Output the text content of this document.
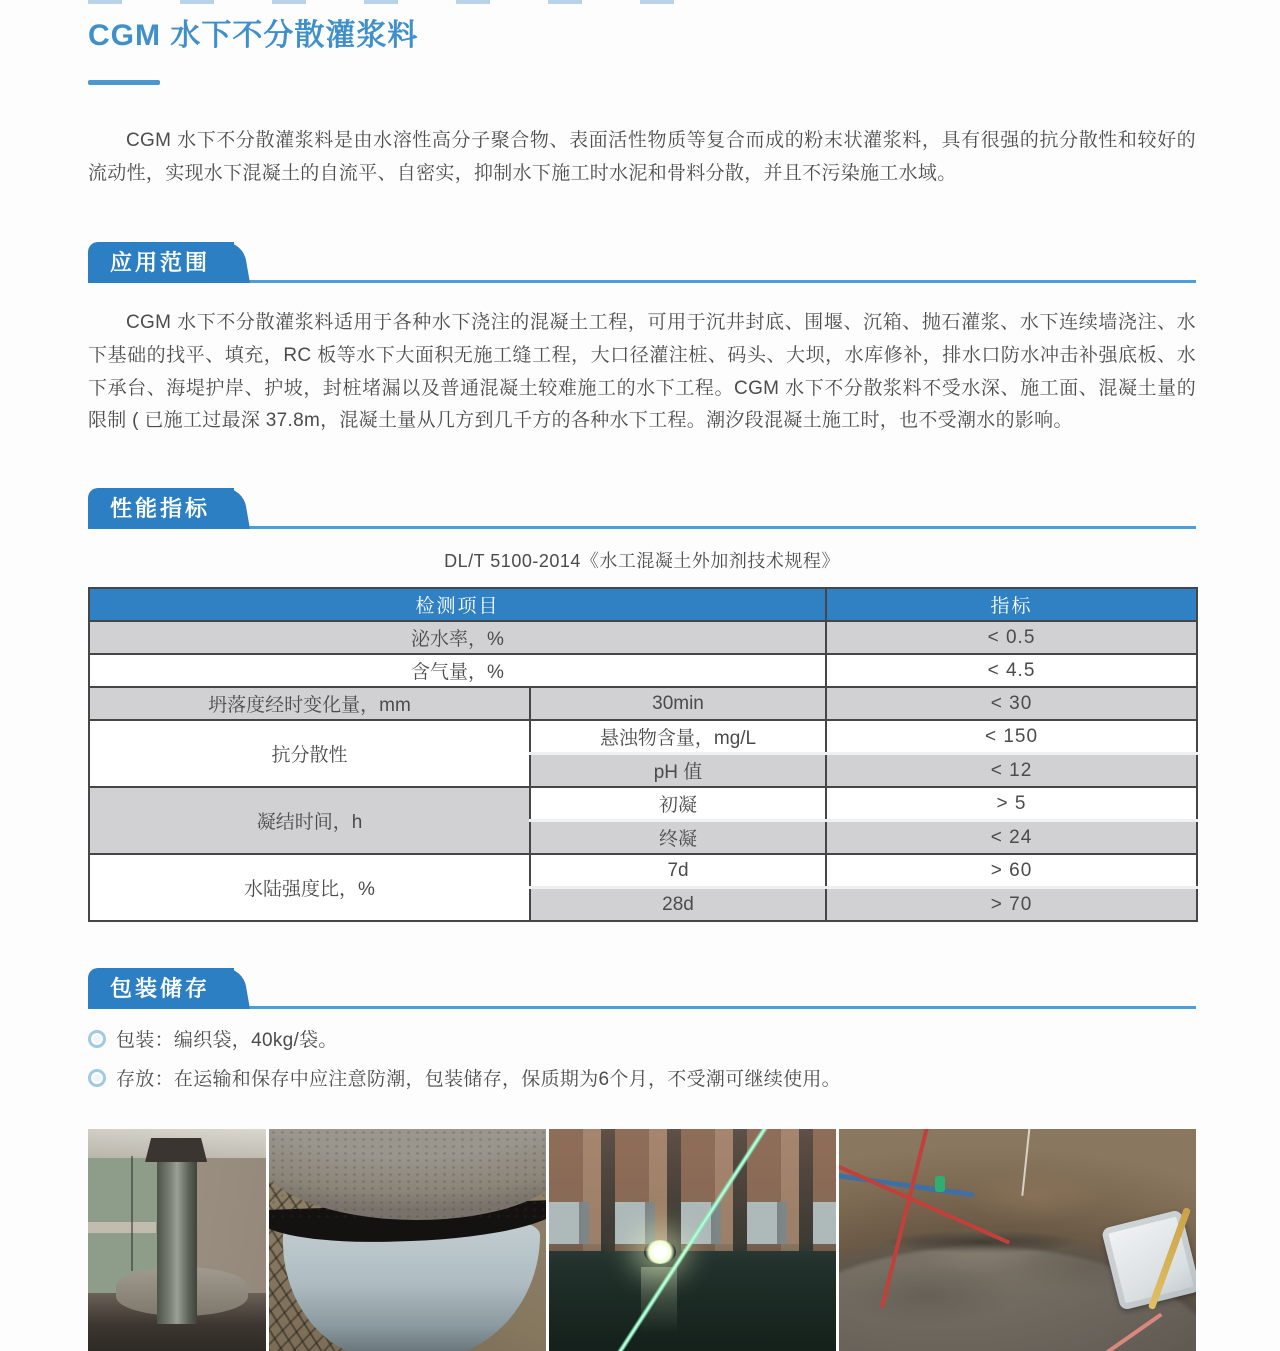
CGM 水下不分散灌浆料

CGM 水下不分散灌浆料是由水溶性高分子聚合物、表面活性物质等复合而成的粉末状灌浆料，具有很强的抗分散性和较好的流动性，实现水下混凝土的自流平、自密实，抑制水下施工时水泥和骨料分散，并且不污染施工水域。

应用范围

CGM 水下不分散灌浆料适用于各种水下浇注的混凝土工程，可用于沉井封底、围堰、沉箱、抛石灌浆、水下连续墙浇注、水下基础的找平、填充，RC 板等水下大面积无施工缝工程，大口径灌注桩、码头、大坝，水库修补，排水口防水冲击补强底板、水下承台、海堤护岸、护坡，封桩堵漏以及普通混凝土较难施工的水下工程。CGM 水下不分散浆料不受水深、施工面、混凝土量的限制 ( 已施工过最深 37.8m，混凝土量从几方到几千方的各种水下工程。潮汐段混凝土施工时，也不受潮水的影响。

性能指标
DL/T 5100-2014《水工混凝土外加剂技术规程》
检测项目		指标
泌水率，%		< 0.5
含气量，%		< 4.5
坍落度经时变化量，mm	30min	< 30
抗分散性	悬浊物含量，mg/L	< 150
	pH 值	< 12
凝结时间，h	初凝	> 5
	终凝	< 24
水陆强度比，%	7d	> 60
	28d	> 70
包装储存
包装：编织袋，40kg/袋。
存放：在运输和保存中应注意防潮，包装储存，保质期为6个月，不受潮可继续使用。
